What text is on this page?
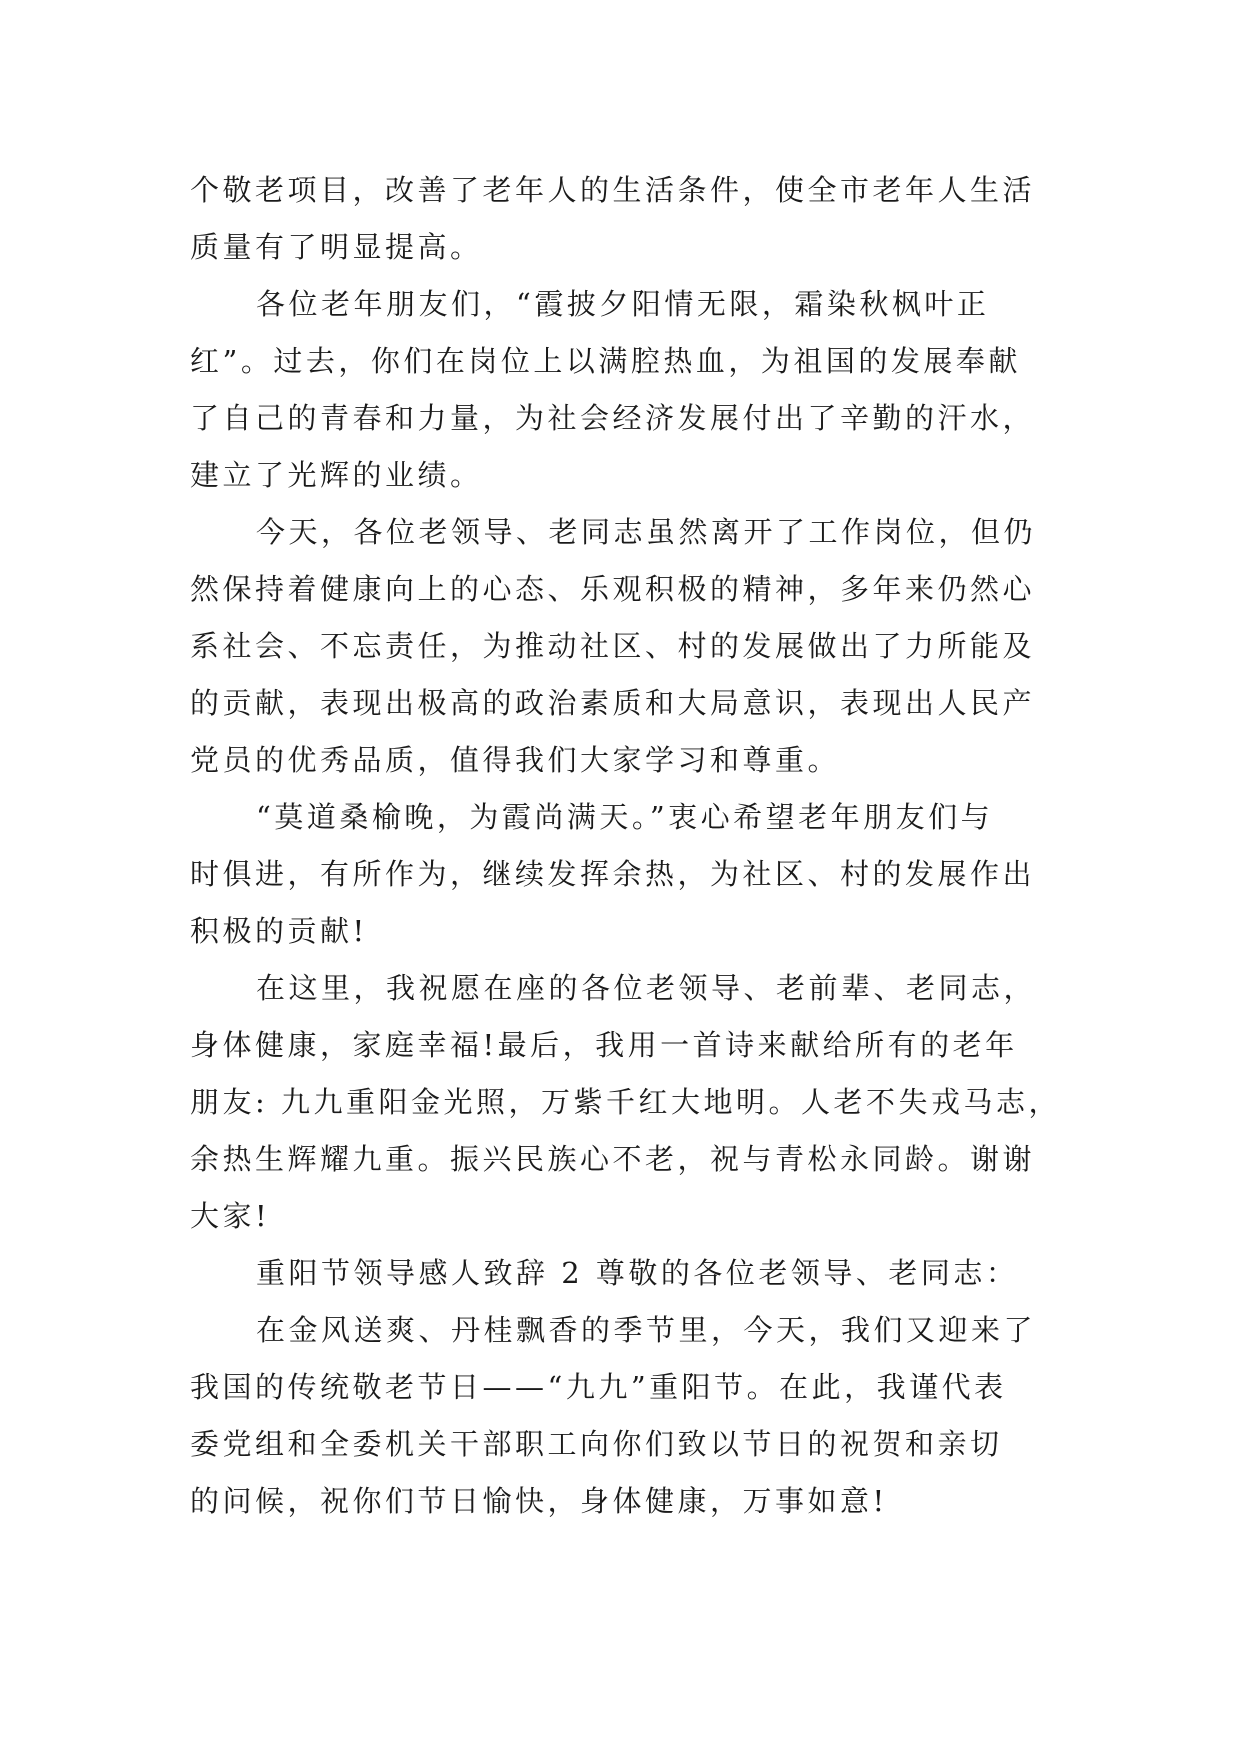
个敬老项目，改善了老年人的生活条件，使全市老年人生活
质量有了明显提高。
各位老年朋友们，“霞披夕阳情无限，霜染秋枫叶正
红”。过去，你们在岗位上以满腔热血，为祖国的发展奉献
了自己的青春和力量，为社会经济发展付出了辛勤的汗水，
建立了光辉的业绩。
今天，各位老领导、老同志虽然离开了工作岗位，但仍
然保持着健康向上的心态、乐观积极的精神，多年来仍然心
系社会、不忘责任，为推动社区、村的发展做出了力所能及
的贡献，表现出极高的政治素质和大局意识，表现出人民产
党员的优秀品质，值得我们大家学习和尊重。
“莫道桑榆晚，为霞尚满天。”衷心希望老年朋友们与
时俱进，有所作为，继续发挥余热，为社区、村的发展作出
积极的贡献!
在这里，我祝愿在座的各位老领导、老前辈、老同志，
身体健康，家庭幸福!最后，我用一首诗来献给所有的老年
朋友: 九九重阳金光照，万紫千红大地明。人老不失戎马志，
余热生辉耀九重。振兴民族心不老，祝与青松永同龄。谢谢
大家!
重阳节领导感人致辞 2 尊敬的各位老领导、老同志：
在金风送爽、丹桂飘香的季节里，今天，我们又迎来了
我国的传统敬老节日——“九九”重阳节。在此，我谨代表
委党组和全委机关干部职工向你们致以节日的祝贺和亲切
的问候，祝你们节日愉快，身体健康，万事如意!
